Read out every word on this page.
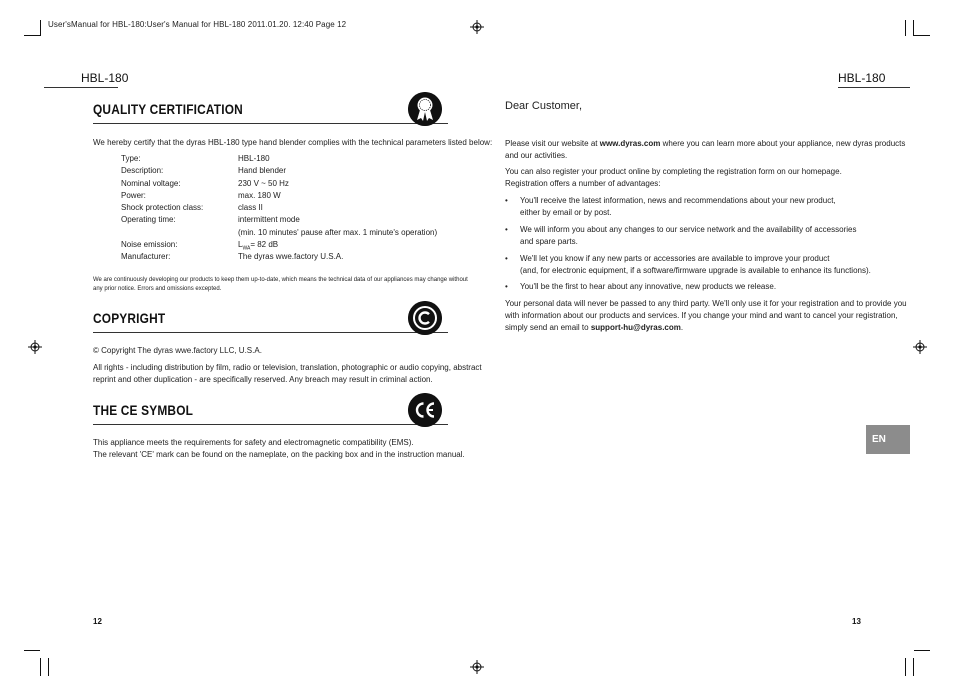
User'sManual for HBL-180:User's Manual for HBL-180 2011.01.20. 12:40 Page 12
HBL-180
QUALITY CERTIFICATION
We hereby certify that the dyras HBL-180 type hand blender complies with the technical parameters listed below:
Type:	HBL-180
Description:	Hand blender
Nominal voltage:	230 V ~ 50 Hz
Power:	max. 180 W
Shock protection class:	class II
Operating time:	intermittent mode
(min. 10 minutes' pause after max. 1 minute's operation)
Noise emission:	$L_{WA}= 82$ dB
Manufacturer:	The dyras wwe.factory U.S.A.
We are continuously developing our products to keep them up-to-date, which means the technical data of our appliances may change without
any prior notice. Errors and omissions excepted.
COPYRIGHT
© Copyright The dyras wwe.factory LLC, U.S.A.
All rights - including distribution by film, radio or television, translation, photographic or audio copying, abstract
reprint and other duplication - are specifically reserved. Any breach may result in criminal action.
THE CE SYMBOL
This appliance meets the requirements for safety and electromagnetic compatibility (EMS).
The relevant 'CE' mark can be found on the nameplate, on the packing box and in the instruction manual.
12
HBL-180
Dear Customer,
Please visit our website at www.dyras.com where you can learn more about your appliance, new dyras products
and our activities.
You can also register your product online by completing the registration form on our homepage.
Registration offers a number of advantages:
• You'll receive the latest information, news and recommendations about your new product,
either by email or by post.
• We will inform you about any changes to our service network and the availability of accessories
and spare parts.
• We'll let you know if any new parts or accessories are available to improve your product
(and, for electronic equipment, if a software/firmware upgrade is available to enhance its functions).
• You'll be the first to hear about any innovative, new products we release.
Your personal data will never be passed to any third party. We'll only use it for your registration and to provide you
with information about our products and services. If you change your mind and want to cancel your registration,
simply send an email to support-hu@dyras.com.
EN
13
